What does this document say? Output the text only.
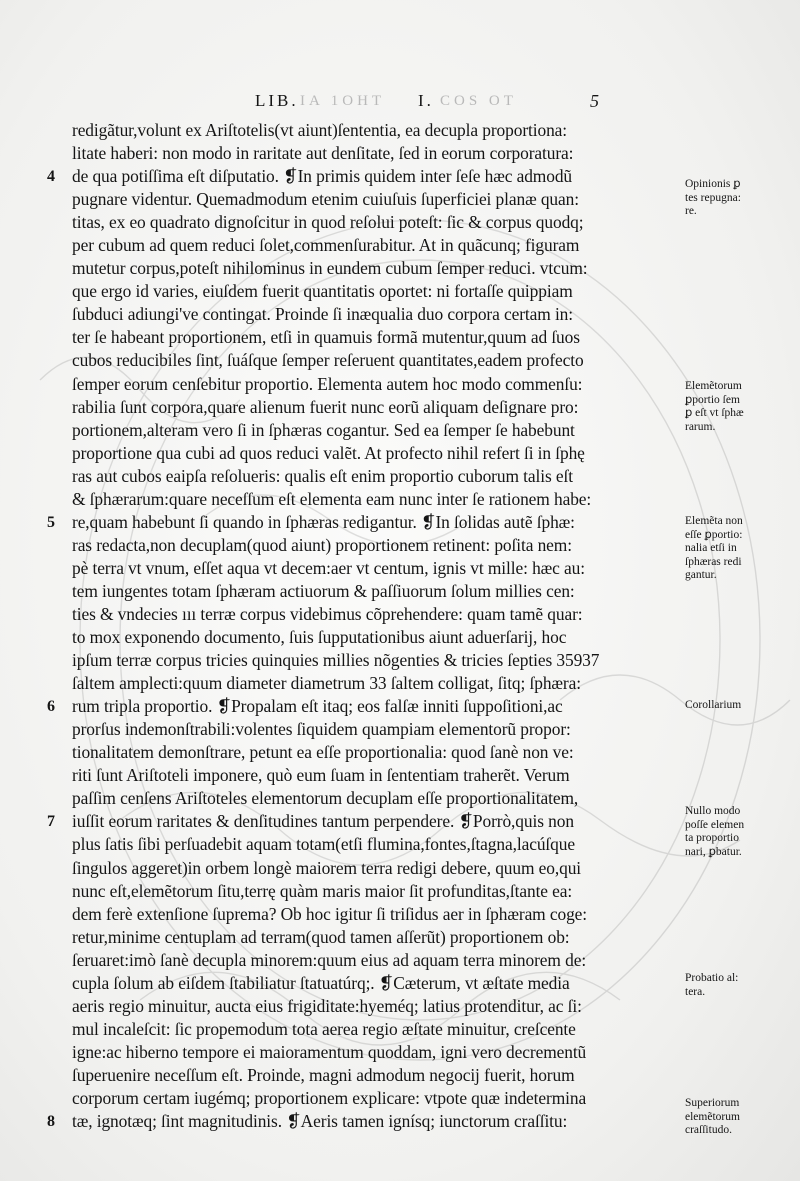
IA 1OHT	COS OT
LIB.	I.	5
redigãtur,volunt ex Ariſtotelis(vt aiunt)ſententia, ea decupla proportiona:
litate haberi: non modo in raritate aut denſitate, ſed in eorum corporatura:
4 de qua potiſſima eſt diſputatio. ❡In primis quidem inter ſeſe hæc admodũ
pugnare videntur. Quemadmodum etenim cuiuſuis ſuperficiei planæ quan:
titas, ex eo quadrato dignoſcitur in quod reſolui poteſt: ſic & corpus quodq;
per cubum ad quem reduci ſolet,commenſurabitur. At in quãcunq; figuram
mutetur corpus,poteſt nihilominus in eundem cubum ſemper reduci. vtcum:
que ergo id varies, eiuſdem fuerit quantitatis oportet: ni fortaſſe quippiam
ſubduci adiungi've contingat. Proinde ſi inæqualia duo corpora certam in:
ter ſe habeant proportionem, etſi in quamuis formã mutentur,quum ad ſuos
cubos reducibiles ſint, ſuáſque ſemper reſeruent quantitates,eadem profecto
ſemper eorum cenſebitur proportio. Elementa autem hoc modo commenſu:
rabilia ſunt corpora,quare alienum fuerit nunc eorũ aliquam deſignare pro:
portionem,alteram vero ſi in ſphæras cogantur. Sed ea ſemper ſe habebunt
proportione qua cubi ad quos reduci valẽt. At profecto nihil refert ſi in ſphę
ras aut cubos eaipſa reſolueris: qualis eſt enim proportio cuborum talis eſt
& ſphærarum:quare neceſſum eſt elementa eam nunc inter ſe rationem habe:
5 re,quam habebunt ſi quando in ſphæras redigantur. ❡In ſolidas autẽ ſphæ:
ras redacta,non decuplam(quod aiunt) proportionem retinent: poſita nem:
pè terra vt vnum, eſſet aqua vt decem:aer vt centum, ignis vt mille: hæc au:
tem iungentes totam ſphæram actiuorum & paſſiuorum ſolum millies cen:
ties & vndecies ııı terræ corpus videbimus cõprehendere: quam tamẽ quar:
to mox exponendo documento, ſuis ſupputationibus aiunt aduerſarij, hoc
ipſum terræ corpus tricies quinquies millies nõgenties & tricies ſepties 35937
ſaltem amplecti:quum diameter diametrum 33 ſaltem colligat, ſitq; ſphæra:
6 rum tripla proportio. ❡Propalam eſt itaq; eos falſæ inniti ſuppoſitioni,ac
prorſus indemonſtrabili:volentes ſiquidem quampiam elementorũ propor:
tionalitatem demonſtrare, petunt ea eſſe proportionalia: quod ſanè non ve:
riti ſunt Ariſtoteli imponere, quò eum ſuam in ſententiam traherẽt. Verum
paſſim cenſens Ariſtoteles elementorum decuplam eſſe proportionalitatem,
7 iuſſit eorum raritates & denſitudines tantum perpendere. ❡Porrò,quis non
plus ſatis ſibi perſuadebit aquam totam(etſi flumina,fontes,ſtagna,lacúſque
ſingulos aggeret)in orbem longè maiorem terra redigi debere, quum eo,qui
nunc eſt,elemẽtorum ſitu,terrę quàm maris maior ſit profunditas,ſtante ea:
dem ferè extenſione ſuprema? Ob hoc igitur ſi triſidus aer in ſphæram coge:
retur,minime centuplam ad terram(quod tamen aſſerũt) proportionem ob:
ſeruaret:imò ſanè decupla minorem:quum eius ad aquam terra minorem de:
cupla ſolum ab eiſdem ſtabiliatur ſtatuatúrq;. ❡Cæterum, vt æſtate media
aeris regio minuitur, aucta eius frigiditate:hyeméq; latius protenditur, ac ſi:
mul incaleſcit: ſic propemodum tota aerea regio æſtate minuitur, creſcente
igne:ac hiberno tempore ei maioramentum quoddam, igni vero decrementũ
ſuperuenire neceſſum eſt. Proinde, magni admodum negocij fuerit, horum
corporum certam iugémq; proportionem explicare: vtpote quæ indetermina
8 tæ, ignotæq; ſint magnitudinis. ❡Aeris tamen ignísq; iunctorum craſſitu:
Opinionis ꝑ
tes repugna:
re.
Elemẽtorum
ꝑportio ſem
ꝑ eſt vt ſphæ
rarum.
Elemẽta non
eſſe ꝑportio:
nalia etſi in
ſphæras redi
gantur.
Corollarium
Nullo modo
poſſe elemen
ta proportio
nari, ꝑbatur.
Probatio al:
tera.
Superiorum
elemẽtorum
craſſitudo.
